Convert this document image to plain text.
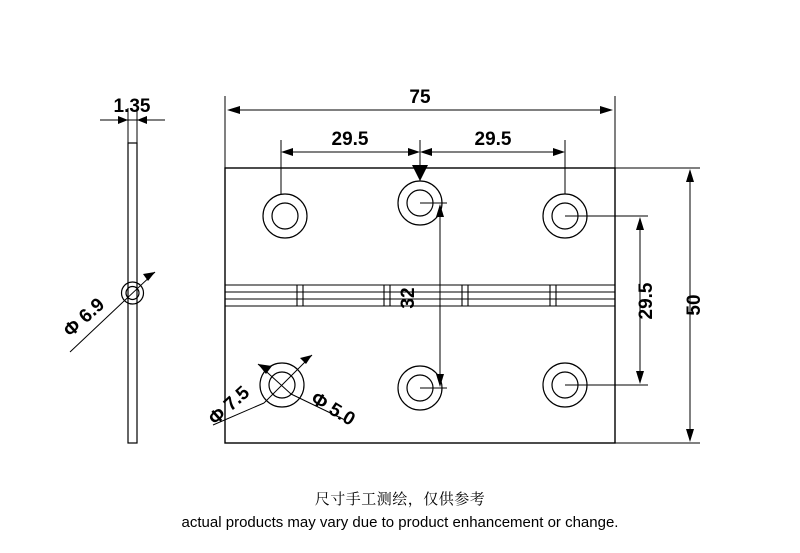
1.35	75
29.5	29.5
50
29.5
32
Φ 6.9
Φ 7.5	Φ 5.0
尺寸手工测绘，仅供参考
actual products may vary due to product enhancement or change.
